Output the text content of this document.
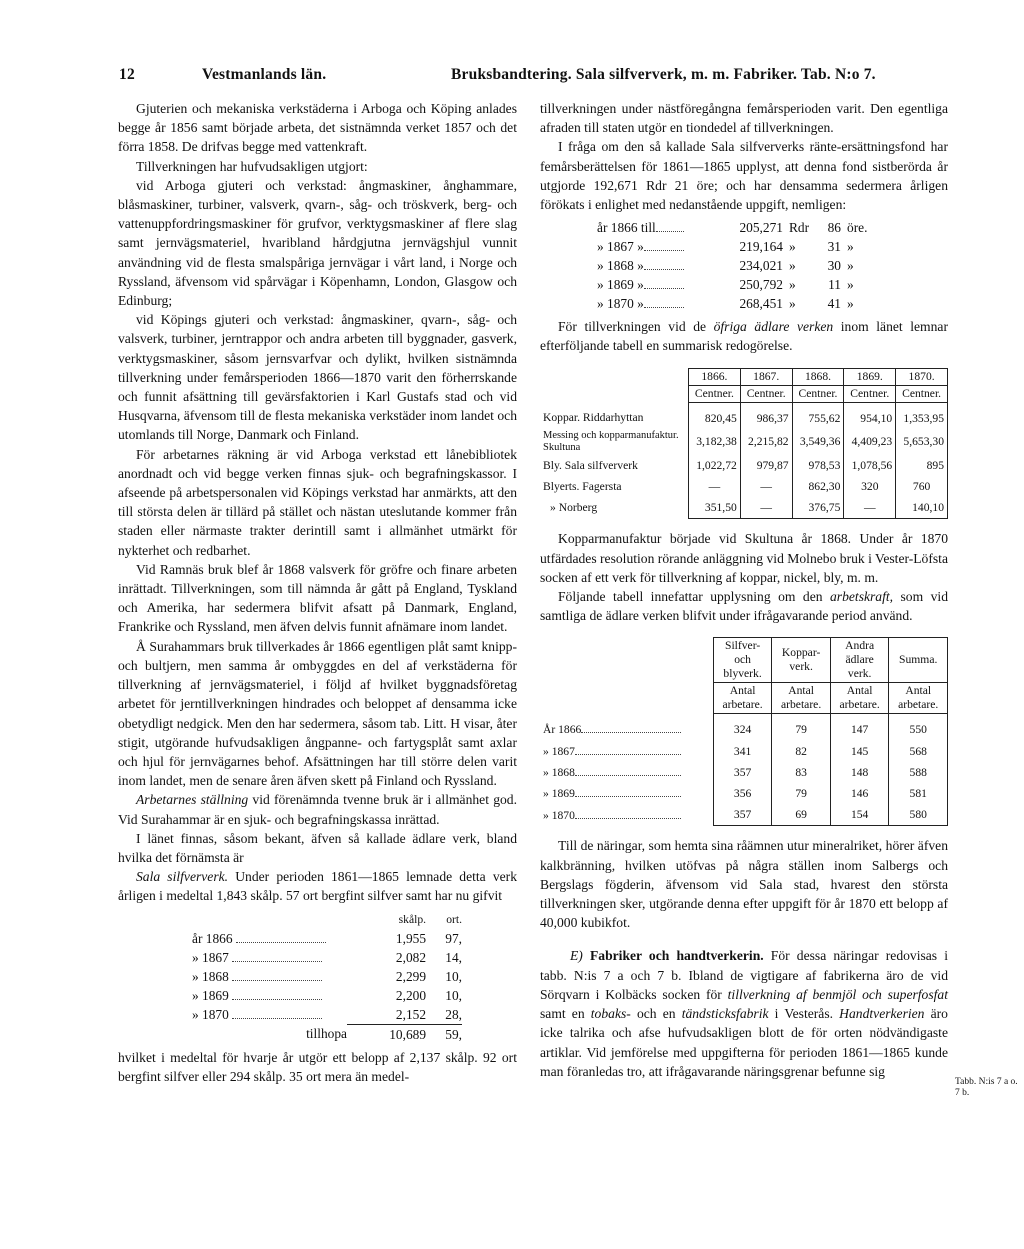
12	Vestmanlands län.	Bruksbandtering. Sala silfververk, m. m. Fabriker. Tab. N:o 7.

Gjuterien och mekaniska verkstäderna i Arboga och Köping anlades begge år 1856 samt började arbeta, det sistnämnda verket 1857 och det förra 1858. De drifvas begge med vattenkraft.

Tillverkningen har hufvudsakligen utgjort:

vid Arboga gjuteri och verkstad: ångmaskiner, ånghammare, blåsmaskiner, turbiner, valsverk, qvarn-, såg- och tröskverk, berg- och vattenuppfordringsmaskiner för grufvor, verktygsmaskiner af flere slag samt jernvägsmateriel, hvaribland hårdgjutna jernvägshjul vunnit användning vid de flesta smalspåriga jernvägar i vårt land, i Norge och Ryssland, äfvensom vid spårvägar i Köpenhamn, London, Glasgow och Edinburg;

vid Köpings gjuteri och verkstad: ångmaskiner, qvarn-, såg- och valsverk, turbiner, jerntrappor och andra arbeten till byggnader, gasverk, verktygsmaskiner, såsom jernsvarfvar och dylikt, hvilken sistnämnda tillverkning under femårsperioden 1866—1870 varit den förherrskande och funnit afsättning till gevärsfaktorien i Karl Gustafs stad och vid Husqvarna, äfvensom till de flesta mekaniska verkstäder inom landet och utomlands till Norge, Danmark och Finland.

För arbetarnes räkning är vid Arboga verkstad ett lånebibliotek anordnadt och vid begge verken finnas sjuk- och begrafningskassor. I afseende på arbetspersonalen vid Köpings verkstad har anmärkts, att den till största delen är tillärd på stället och nästan uteslutande kommer från staden eller närmaste trakter derintill samt i allmänhet utmärkt för nykterhet och redbarhet.

Vid Ramnäs bruk blef år 1868 valsverk för gröfre och finare arbeten inrättadt. Tillverkningen, som till nämnda år gått på England, Tyskland och Amerika, har sedermera blifvit afsatt på Danmark, England, Frankrike och Ryssland, men äfven delvis funnit afnämare inom landet.

Å Surahammars bruk tillverkades år 1866 egentligen plåt samt knipp- och bultjern, men samma år ombyggdes en del af verkstäderna för tillverkning af jernvägsmateriel, i följd af hvilket byggnadsföretag arbetet för jerntillverkningen hindrades och beloppet af densamma icke obetydligt nedgick. Men den har sedermera, såsom tab. Litt. H visar, åter stigit, utgörande hufvudsakligen ångpanne- och fartygsplåt samt axlar och hjul för jernvägarnes behof. Afsättningen har till större delen varit inom landet, men de senare åren äfven skett på Finland och Ryssland.

Arbetarnes ställning vid förenämnda tvenne bruk är i allmänhet god. Vid Surahammar är en sjuk- och begrafningskassa inrättad.

I länet finnas, såsom bekant, äfven så kallade ädlare verk, bland hvilka det förnämsta är

Sala silfververk. Under perioden 1861—1865 lemnade detta verk årligen i medeltal 1,843 skålp. 57 ort bergfint silfver samt har nu gifvit

	skålp.	ort.
år 1866	1,955	97,
» 1867	2,082	14,
» 1868	2,299	10,
» 1869	2,200	10,
» 1870	2,152	28,
tillhopa	10,689	59,

hvilket i medeltal för hvarje år utgör ett belopp af 2,137 skålp. 92 ort bergfint silfver eller 294 skålp. 35 ort mera än medel-

tillverkningen under nästföregångna femårsperioden varit. Den egentliga afraden till staten utgör en tiondedel af tillverkningen.

I fråga om den så kallade Sala silfververks ränte-ersättningsfond har femårsberättelsen för 1861—1865 upplyst, att denna fond sistberörda år utgjorde 192,671 Rdr 21 öre; och har densamma sedermera årligen förökats i enlighet med nedanstående uppgift, nemligen:

år 1866 till	205,271	Rdr	86	öre.
» 1867 »	219,164	»	31	»
» 1868 »	234,021	»	30	»
» 1869 »	250,792	»	11	»
» 1870 »	268,451	»	41	»

För tillverkningen vid de öfriga ädlare verken inom länet lemnar efterföljande tabell en summarisk redogörelse.

	1866.	1867.	1868.	1869.	1870.
	Centner.	Centner.	Centner.	Centner.	Centner.
Koppar. Riddarhyttan	820,45	986,37	755,62	954,10	1,353,95
Messing och kopparmanufaktur. Skultuna	3,182,38	2,215,82	3,549,36	4,409,23	5,653,30
Bly. Sala silfververk	1,022,72	979,87	978,53	1,078,56	895
Blyerts. Fagersta	—	—	862,30	320	760
» Norberg	351,50	—	376,75	—	140,10

Kopparmanufaktur började vid Skultuna år 1868. Under år 1870 utfärdades resolution rörande anläggning vid Molnebo bruk i Vester-Löfsta socken af ett verk för tillverkning af koppar, nickel, bly, m. m.

Följande tabell innefattar upplysning om den arbetskraft, som vid samtliga de ädlare verken blifvit under ifrågavarande period använd.

	Silfver- och blyverk.	Koppar- verk.	Andra ädlare verk.	Summa.
	Antal arbetare.	Antal arbetare.	Antal arbetare.	Antal arbetare.
År 1866	324	79	147	550
» 1867	341	82	145	568
» 1868	357	83	148	588
» 1869	356	79	146	581
» 1870	357	69	154	580

Till de näringar, som hemta sina råämnen utur mineralriket, hörer äfven kalkbränning, hvilken utöfvas på några ställen inom Salbergs och Bergslags fögderin, äfvensom vid Sala stad, hvarest den största tillverkningen sker, utgörande denna efter uppgift för år 1870 ett belopp af 40,000 kubikfot.

E) Fabriker och handtverkerin. För dessa näringar redovisas i tabb. N:is 7 a och 7 b. Ibland de vigtigare af fabrikerna äro de vid Sörqvarn i Kolbäcks socken för tillverkning af benmjöl och superfosfat samt en tobaks- och en tändsticksfabrik i Vesterås. Handtverkerien äro icke talrika och afse hufvudsakligen blott de för orten nödvändigaste artiklar. Vid jemförelse med uppgifterna för perioden 1861—1865 kunde man föranledas tro, att ifrågavarande näringsgrenar befunne sig

Tabb. N:is 7 a o. 7 b.
